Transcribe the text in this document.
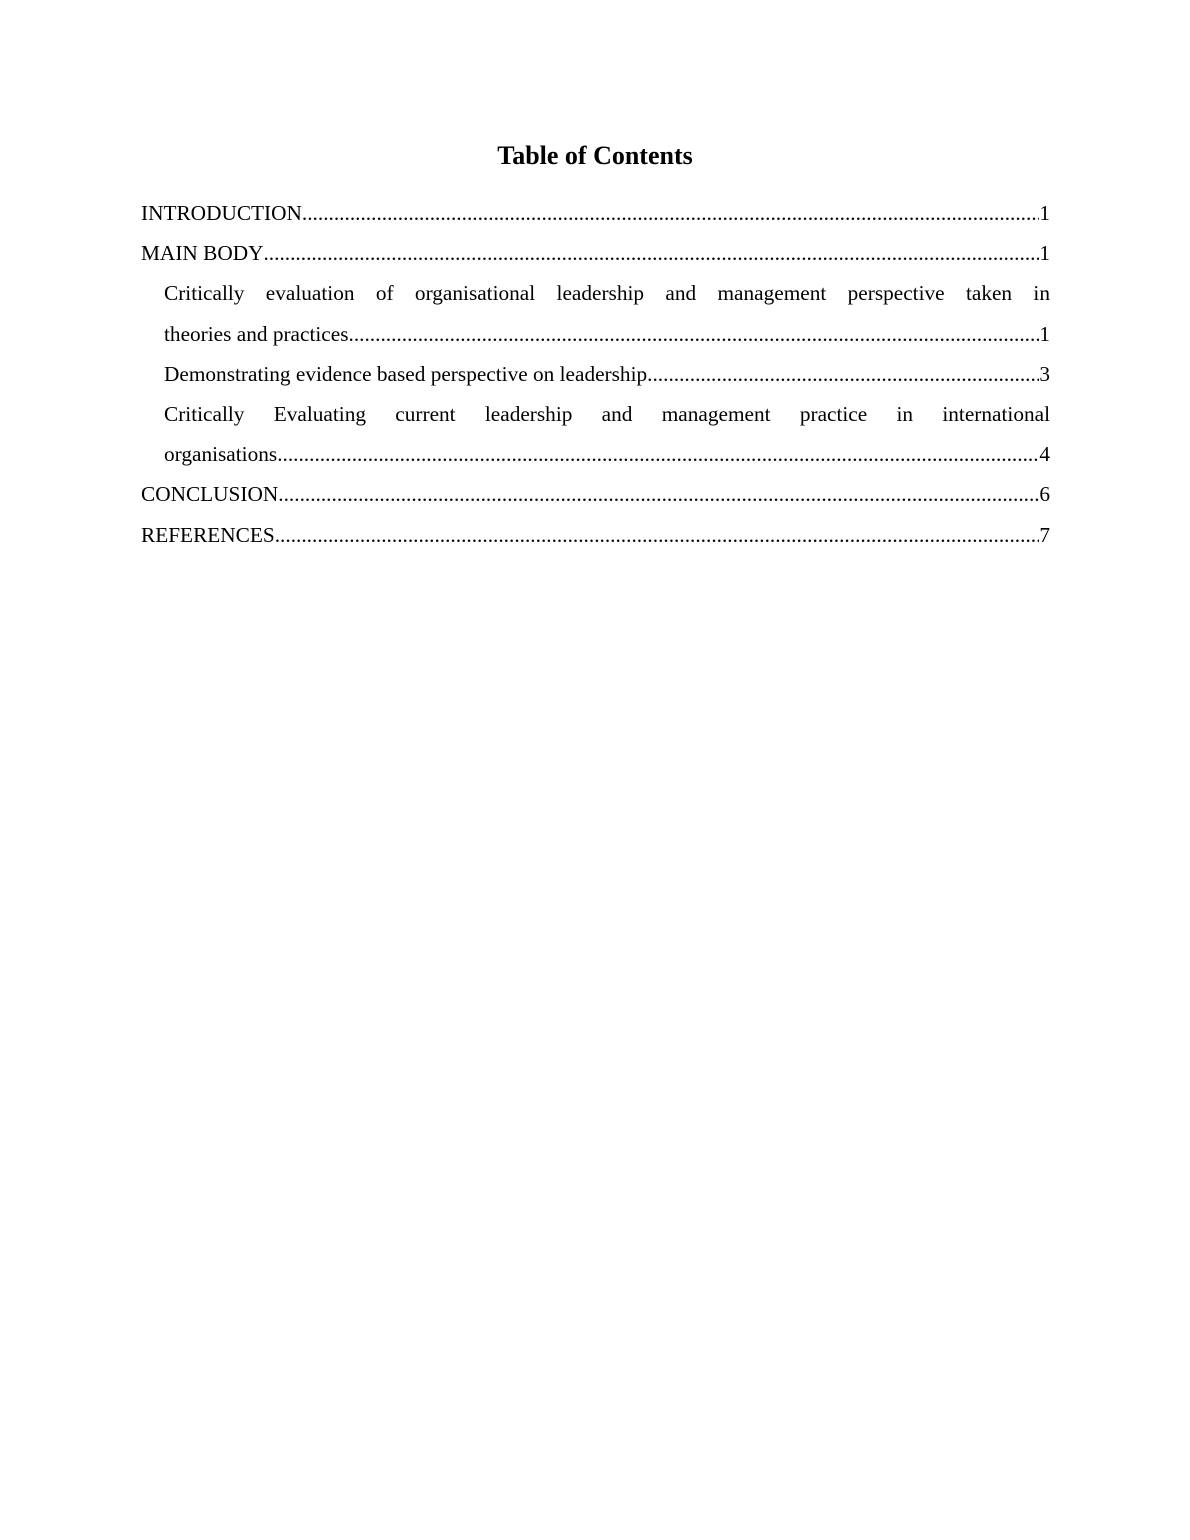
Table of Contents
INTRODUCTION .....	1
MAIN BODY .....	1
Critically evaluation of organisational leadership and management perspective taken in
theories and practices .....	1
Demonstrating evidence based perspective on leadership .....	3
Critically Evaluating current leadership and management practice in international
organisations .....	4
CONCLUSION .....	6
REFERENCES .....	7
